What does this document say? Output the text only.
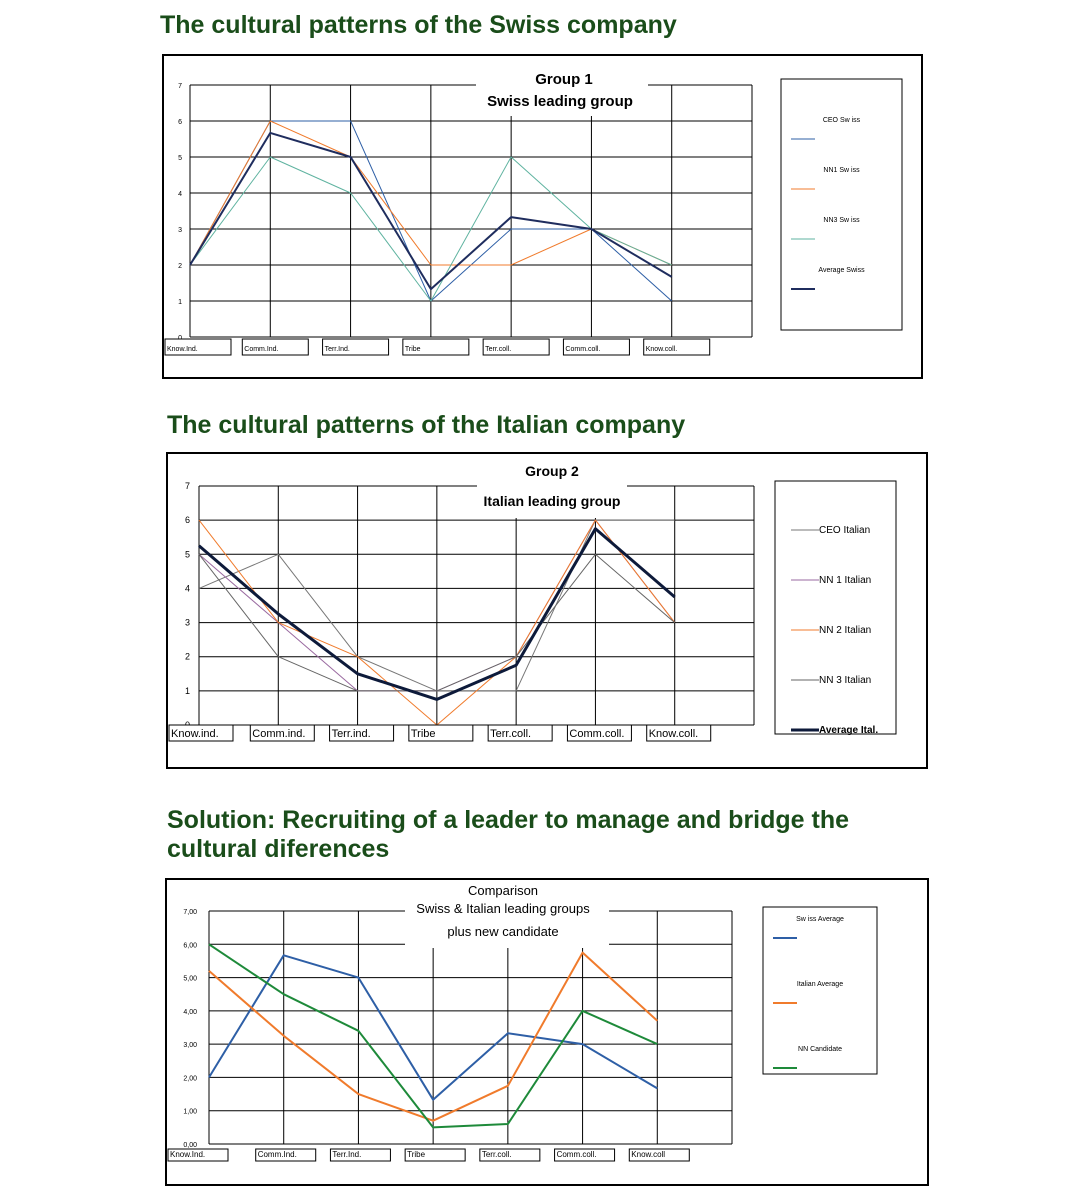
The cultural patterns of the Swiss company
1
2
3
4
5
6
7
Know.Ind.	Comm.Ind.	Terr.Ind.	Tribe	Terr.coll.	Comm.coll.	Know.coll.
Group 1
Swiss leading group
CEO Sw iss
NN1 Sw iss
NN3 Sw iss
Average Swiss
The cultural patterns of the Italian company
1
2
3
4
5
6
7
Know.ind.	Comm.ind. Terr.ind.	Tribe	Terr.coll.	Comm.coll. Know.coll.
Group 2
Italian leading group
CEO Italian
NN 1 Italian
NN 2 Italian
NN 3 Italian
Average Ital.
Solution: Recruiting of a leader to manage and bridge the
cultural diferences
0,00
1,00
2,00
3,00
4,00
5,00
6,00
7,00
Know.Ind.	Comm.Ind.	Terr.Ind.	Tribe	Terr.coll.	Comm.coll.	Know.coll
Comparison
Swiss & Italian leading groups
plus new candidate
Sw iss Average
Italian Average
NN Candidate
